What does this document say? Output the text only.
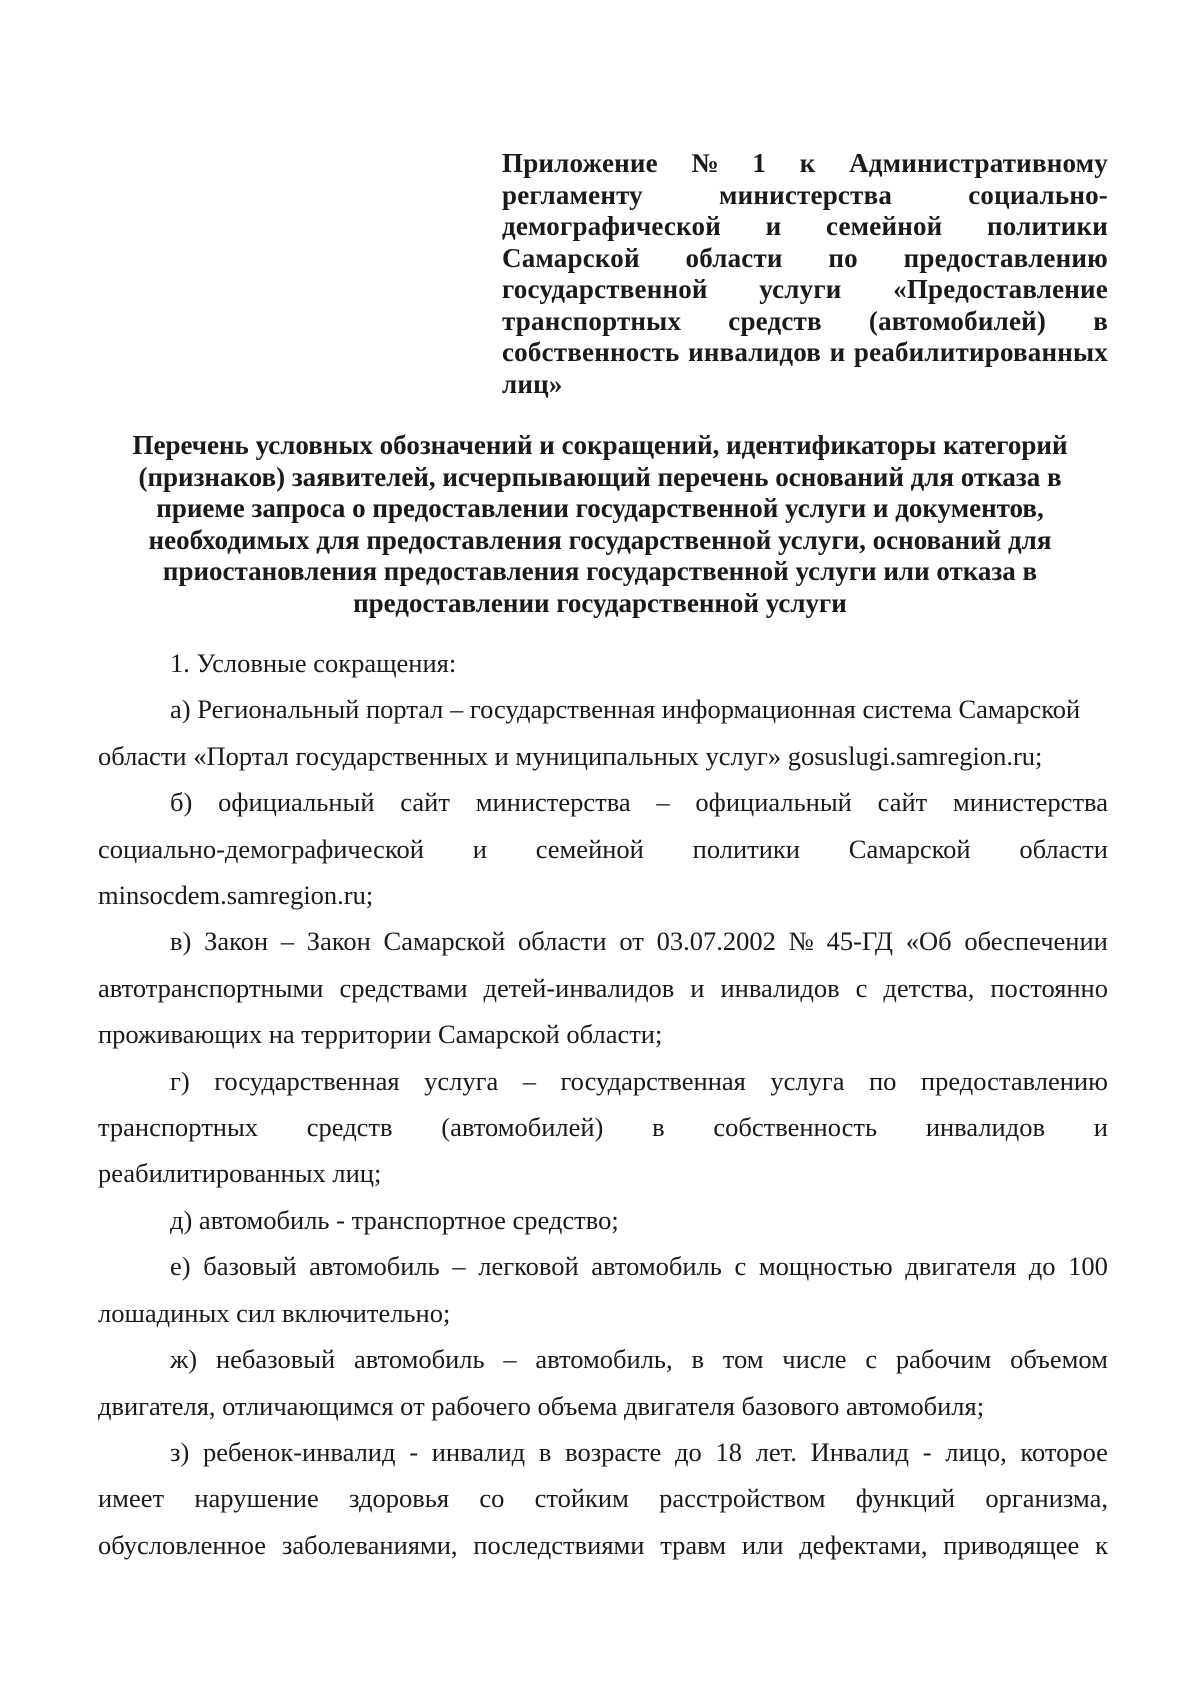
Приложение № 1 к Административному
регламенту	министерства	социально-
демографической и семейной политики
Самарской области по предоставлению
государственной услуги «Предоставление
транспортных средств (автомобилей) в
собственность инвалидов и реабилитированных
лиц»
Перечень условных обозначений и сокращений, идентификаторы категорий
(признаков) заявителей, исчерпывающий перечень оснований для отказа в
приеме запроса о предоставлении государственной услуги и документов,
необходимых для предоставления государственной услуги, оснований для
приостановления предоставления государственной услуги или отказа в
предоставлении государственной услуги
1. Условные сокращения:
а) Региональный портал – государственная информационная система Самарской
области «Портал государственных и муниципальных услуг» gosuslugi.samregion.ru;
б) официальный сайт министерства – официальный сайт министерства
социально-демографической и семейной политики Самарской области
minsocdem.samregion.ru;
в) Закон – Закон Самарской области от 03.07.2002 № 45-ГД «Об обеспечении
автотранспортными средствами детей-инвалидов и инвалидов с детства, постоянно
проживающих на территории Самарской области;
г) государственная услуга – государственная услуга по предоставлению
транспортных средств (автомобилей) в собственность инвалидов и
реабилитированных лиц;
д) автомобиль - транспортное средство;
е) базовый автомобиль – легковой автомобиль с мощностью двигателя до 100
лошадиных сил включительно;
ж) небазовый автомобиль – автомобиль, в том числе с рабочим объемом
двигателя, отличающимся от рабочего объема двигателя базового автомобиля;
з) ребенок-инвалид - инвалид в возрасте до 18 лет. Инвалид - лицо, которое
имеет нарушение здоровья со стойким расстройством функций организма,
обусловленное заболеваниями, последствиями травм или дефектами, приводящее к
